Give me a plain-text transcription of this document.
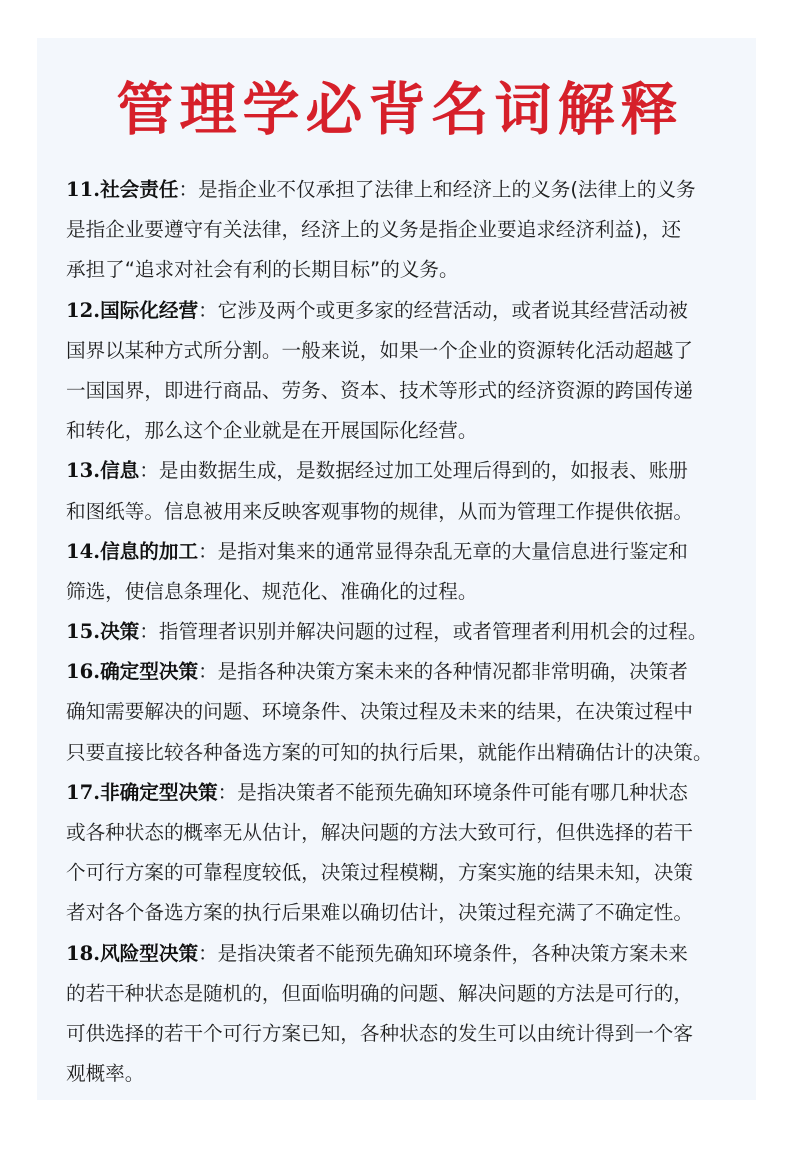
管理学必背名词解释
11.社会责任：是指企业不仅承担了法律上和经济上的义务(法律上的义务
是指企业要遵守有关法律，经济上的义务是指企业要追求经济利益)，还
承担了“追求对社会有利的长期目标”的义务。
12.国际化经营：它涉及两个或更多家的经营活动，或者说其经营活动被
国界以某种方式所分割。一般来说，如果一个企业的资源转化活动超越了
一国国界，即进行商品、劳务、资本、技术等形式的经济资源的跨国传递
和转化，那么这个企业就是在开展国际化经营。
13.信息：是由数据生成，是数据经过加工处理后得到的，如报表、账册
和图纸等。信息被用来反映客观事物的规律，从而为管理工作提供依据。
14.信息的加工：是指对集来的通常显得杂乱无章的大量信息进行鉴定和
筛选，使信息条理化、规范化、准确化的过程。
15.决策：指管理者识别并解决问题的过程，或者管理者利用机会的过程。
16.确定型决策：是指各种决策方案未来的各种情况都非常明确，决策者
确知需要解决的问题、环境条件、决策过程及未来的结果，在决策过程中
只要直接比较各种备选方案的可知的执行后果，就能作出精确估计的决策。
17.非确定型决策：是指决策者不能预先确知环境条件可能有哪几种状态
或各种状态的概率无从估计，解决问题的方法大致可行，但供选择的若干
个可行方案的可靠程度较低，决策过程模糊，方案实施的结果未知，决策
者对各个备选方案的执行后果难以确切估计，决策过程充满了不确定性。
18.风险型决策：是指决策者不能预先确知环境条件，各种决策方案未来
的若干种状态是随机的，但面临明确的问题、解决问题的方法是可行的，
可供选择的若干个可行方案已知，各种状态的发生可以由统计得到一个客
观概率。
